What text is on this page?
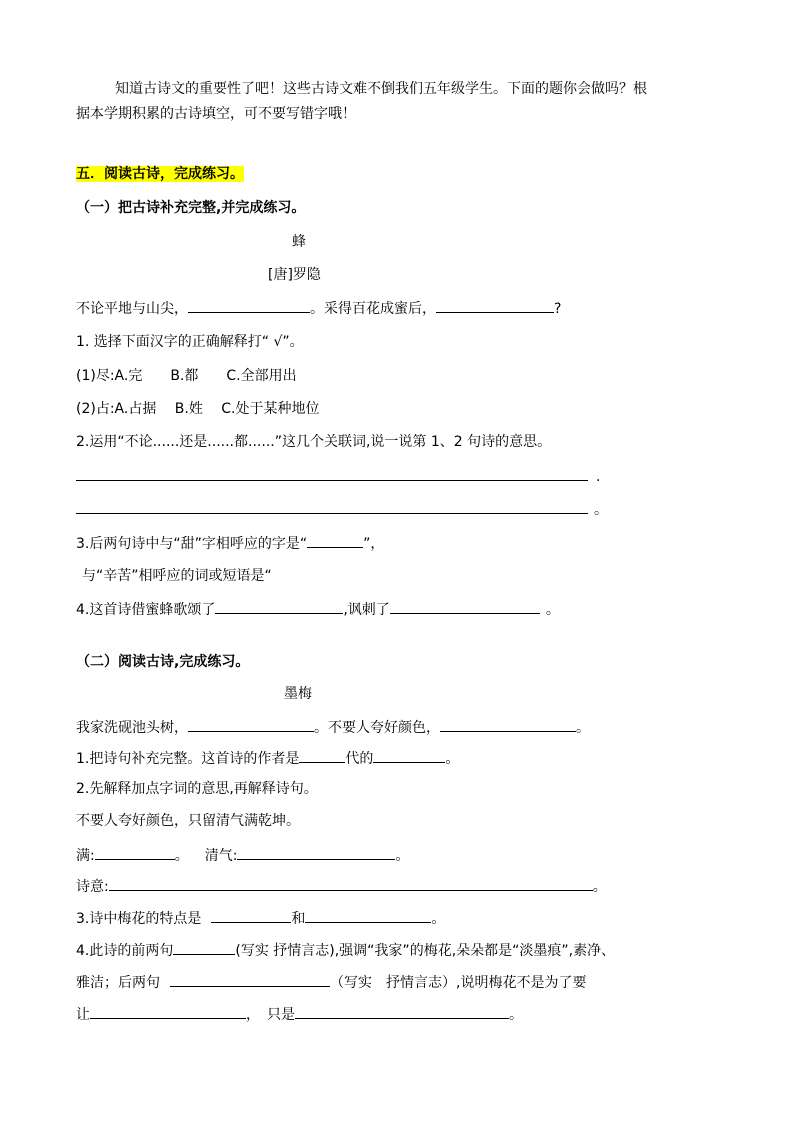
知道古诗文的重要性了吧！这些古诗文难不倒我们五年级学生。下面的题你会做吗？根
据本学期积累的古诗填空，可不要写错字哦！
五．阅读古诗，完成练习。
（一）把古诗补充完整,并完成练习。
蜂
[唐]罗隐
不论平地与山尖，	。采得百花成蜜后，	?
1. 选择下面汉字的正确解释打“ √”。
(1)尽:A.完　　B.都　　C.全部用出
(2)占:A.占据　 B.姓　 C.处于某种地位
2.运用“不论......还是......都......”这几个关联词,说一说第 1、2 句诗的意思。
.
。
3.后两句诗中与“甜”字相呼应的字是“	”，
与“辛苦”相呼应的词或短语是“
4.这首诗借蜜蜂歌颂了	,讽刺了	。
（二）阅读古诗,完成练习。
墨梅
我家洗砚池头树，	。不要人夸好颜色，	。
1.把诗句补充完整。这首诗的作者是	代的	。
2.先解释加点字词的意思,再解释诗句。
不要人夸好颜色，只留清气满乾坤。
满:	。 清气:	。
诗意:	。
3.诗中梅花的特点是	和	。
4.此诗的前两句	(写实 抒情言志),强调“我家”的梅花,朵朵都是“淡墨痕”,素净、
雅洁；后两句	（写实　抒情言志）,说明梅花不是为了要
让	，　只是	。
